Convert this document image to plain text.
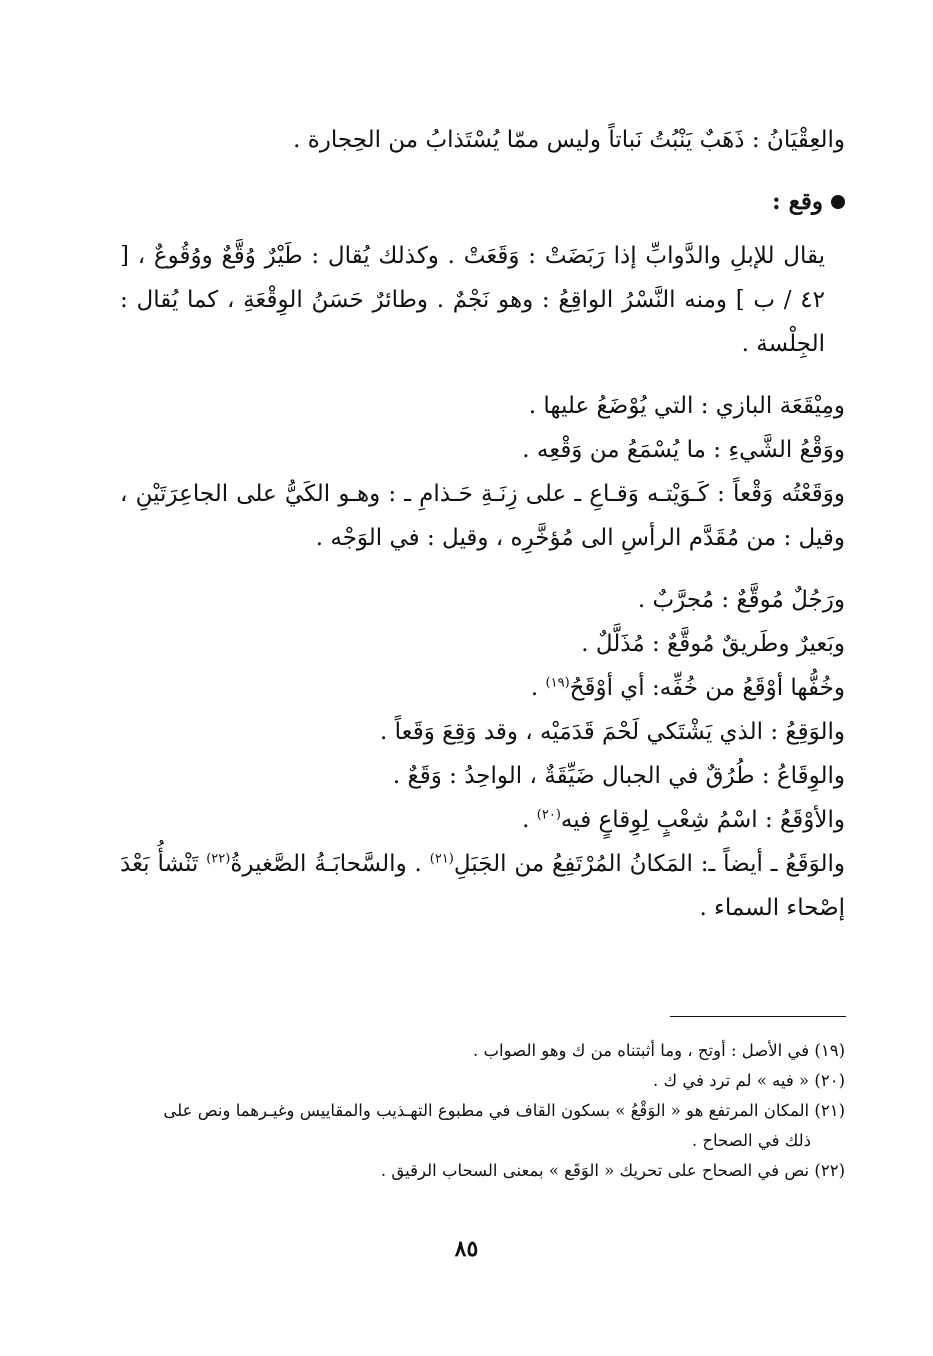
والعِقْيَانُ : ذَهَبٌ يَنْبُتُ نَباتاً وليس ممّا يُسْتَذابُ من الحِجارة .

وقع :

يقال للإبلِ والدَّوابِّ إذا رَبَضَتْ : وَقَعَتْ . وكذلك يُقال : طَيْرٌ وُقَّعٌ ووُقُوعٌ ، [ ٤٢ / ب ] ومنه النَّسْرُ الواقِعُ : وهو نَجْمٌ . وطائرٌ حَسَنُ الوِقْعَةِ ، كما يُقال : الجِلْسة .

ومِيْقَعَة البازي : التي يُوْضَعُ عليها .

ووَقْعُ الشَّيءِ : ما يُسْمَعُ من وَقْعِه .

ووَقَعْتُه وَقْعاً : كَـوَيْتـه وَقـاعِ ـ على زِنَـةِ حَـذامِ ـ : وهـو الكَيُّ على الجاعِرَتَيْنِ ، وقيل : من مُقَدَّم الرأسِ الى مُؤخَّرِه ، وقيل : في الوَجْه .

ورَجُلٌ مُوقَّعٌ : مُجرَّبٌ .

وبَعيرٌ وطَريقٌ مُوقَّعٌ : مُذَلَّلٌ .

وخُفُّها أوْقَعُ من خُفِّه: أي أوْقَحُ$^{(١٩)}$ .

والوَقِعُ : الذي يَشْتَكي لَحْمَ قَدَمَيْه ، وقد وَقِعَ وَقَعاً .

والوِقَاعُ : طُرُقٌ في الجبال ضَيِّقَةٌ ، الواحِدُ : وَقَعٌ .

والأوْقَعُ : اسْمُ شِعْبٍ لِوِقاعٍ فيه$^{(٢٠)}$ .

والوَقَعُ ـ أيضاً ـ: المَكانُ المُرْتَفِعُ من الجَبَلِ$^{(٢١)}$ . والسَّحابَـةُ الصَّغيرةُ$^{(٢٢)}$ تَنْشأُ بَعْدَ إصْحاء السماء .

(١٩) في الأصل : أوتح ، وما أثبتناه من ك وهو الصواب .

(٢٠) « فيه » لم ترد في ك .

(٢١) المكان المرتفع هو « الوَقْعُ » بسكون القاف في مطبوع التهـذيب والمقاييس وغيـرهما ونص على

ذلك في الصحاح .

(٢٢) نص في الصحاح على تحريك « الوَقَع » بمعنى السحاب الرقيق .

٨٥
